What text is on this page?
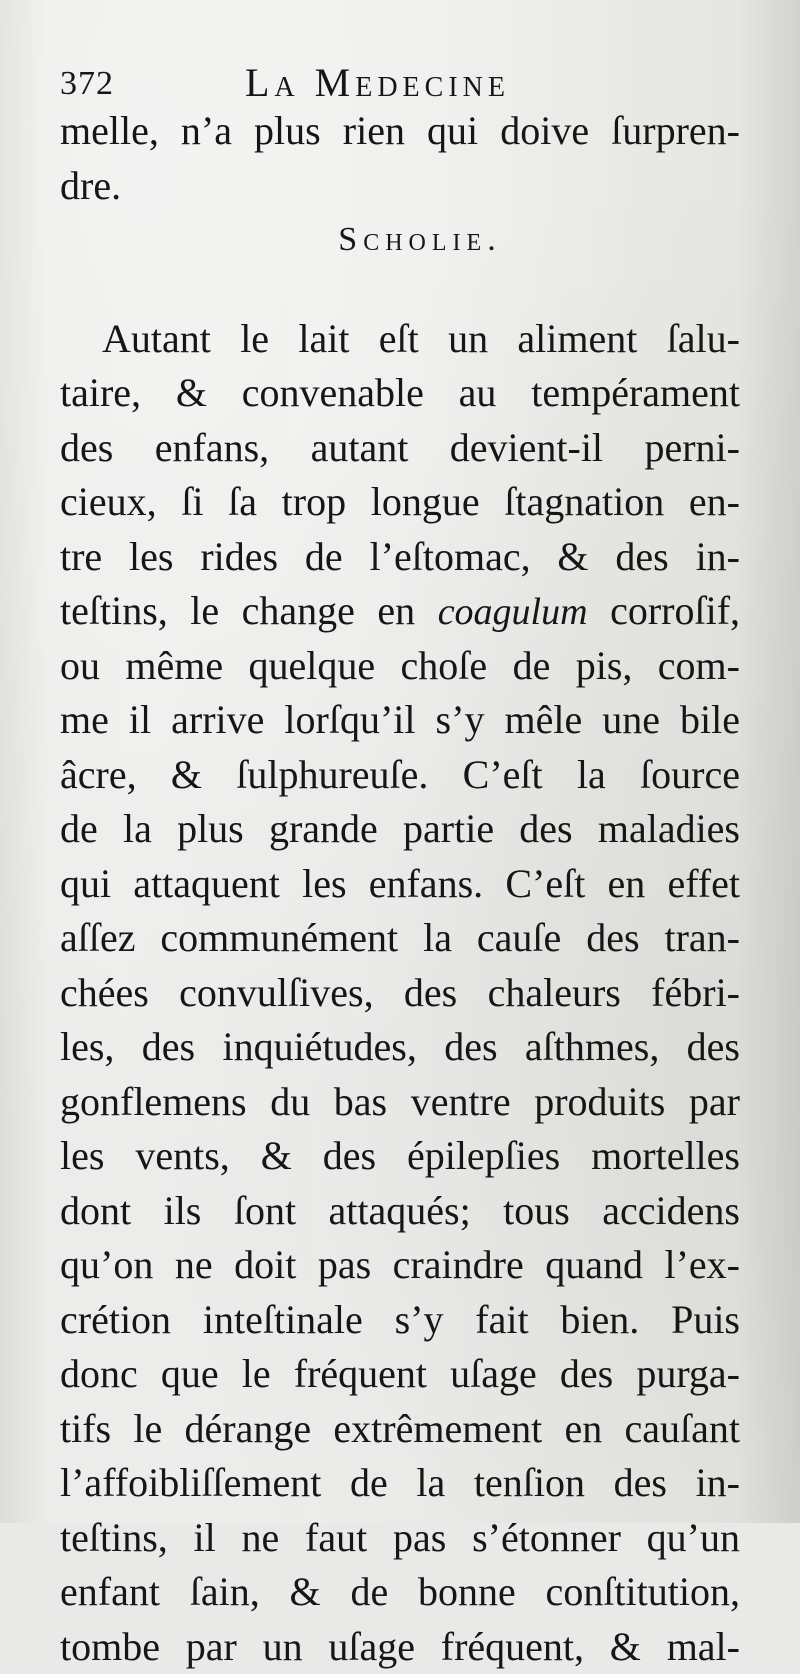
372	La Medecine
melle, n’a plus rien qui doive ſurpren-
dre.
Scholie.
Autant le lait eſt un aliment ſalu-
taire, & convenable au tempérament
des enfans, autant devient-il perni-
cieux, ſi ſa trop longue ſtagnation en-
tre les rides de l’eſtomac, & des in-
teſtins, le change en coagulum corroſif,
ou même quelque choſe de pis, com-
me il arrive lorſqu’il s’y mêle une bile
âcre, & ſulphureuſe. C’eſt la ſource
de la plus grande partie des maladies
qui attaquent les enfans. C’eſt en effet
aſſez communément la cauſe des tran-
chées convulſives, des chaleurs fébri-
les, des inquiétudes, des aſthmes, des
gonflemens du bas ventre produits par
les vents, & des épilepſies mortelles
dont ils ſont attaqués; tous accidens
qu’on ne doit pas craindre quand l’ex-
crétion inteſtinale s’y fait bien. Puis
donc que le fréquent uſage des purga-
tifs le dérange extrêmement en cauſant
l’affoibliſſement de la tenſion des in-
teſtins, il ne faut pas s’étonner qu’un
enfant ſain, & de bonne conſtitution,
tombe par un uſage fréquent, & mal-
